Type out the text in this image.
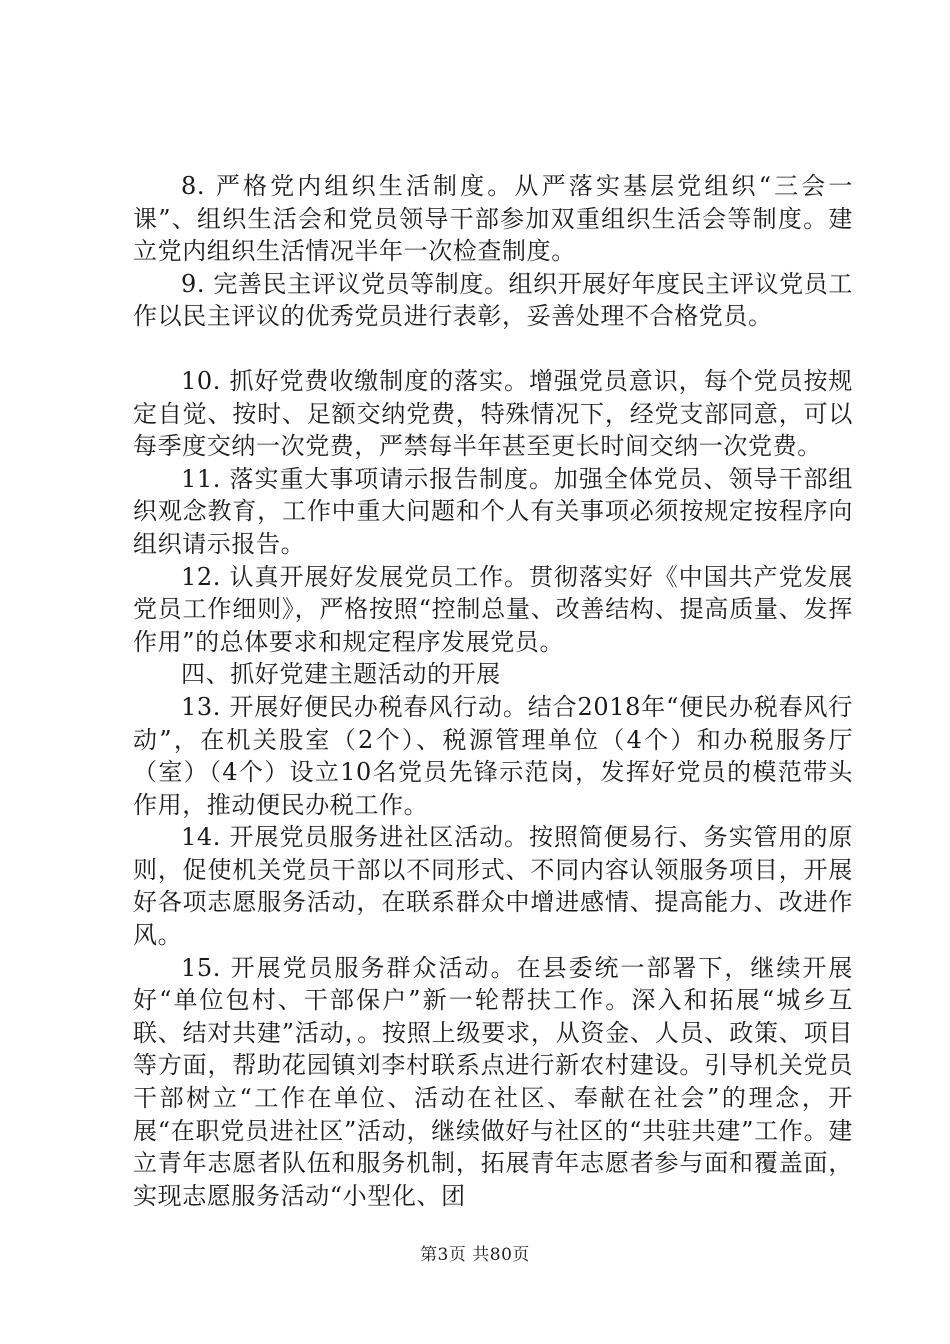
8. 严格党内组织生活制度。从严落实基层党组织“三会一课”、组织生活会和党员领导干部参加双重组织生活会等制度。建立党内组织生活情况半年一次检查制度。

9. 完善民主评议党员等制度。组织开展好年度民主评议党员工作以民主评议的优秀党员进行表彰，妥善处理不合格党员。

10. 抓好党费收缴制度的落实。增强党员意识，每个党员按规定自觉、按时、足额交纳党费，特殊情况下，经党支部同意，可以每季度交纳一次党费，严禁每半年甚至更长时间交纳一次党费。

11. 落实重大事项请示报告制度。加强全体党员、领导干部组织观念教育，工作中重大问题和个人有关事项必须按规定按程序向组织请示报告。

12. 认真开展好发展党员工作。贯彻落实好《中国共产党发展党员工作细则》，严格按照“控制总量、改善结构、提高质量、发挥作用”的总体要求和规定程序发展党员。

四、抓好党建主题活动的开展

13. 开展好便民办税春风行动。结合2018年“便民办税春风行动”，在机关股室（2个）、税源管理单位（4个）和办税服务厅（室）（4个）设立10名党员先锋示范岗，发挥好党员的模范带头作用，推动便民办税工作。

14. 开展党员服务进社区活动。按照简便易行、务实管用的原则，促使机关党员干部以不同形式、不同内容认领服务项目，开展好各项志愿服务活动，在联系群众中增进感情、提高能力、改进作风。

15. 开展党员服务群众活动。在县委统一部署下，继续开展好“单位包村、干部保户”新一轮帮扶工作。深入和拓展“城乡互联、结对共建”活动，。按照上级要求，从资金、人员、政策、项目等方面，帮助花园镇刘李村联系点进行新农村建设。引导机关党员干部树立“工作在单位、活动在社区、奉献在社会”的理念，开展“在职党员进社区”活动，继续做好与社区的“共驻共建”工作。建立青年志愿者队伍和服务机制，拓展青年志愿者参与面和覆盖面，实现志愿服务活动“小型化、团

第3页 共80页
